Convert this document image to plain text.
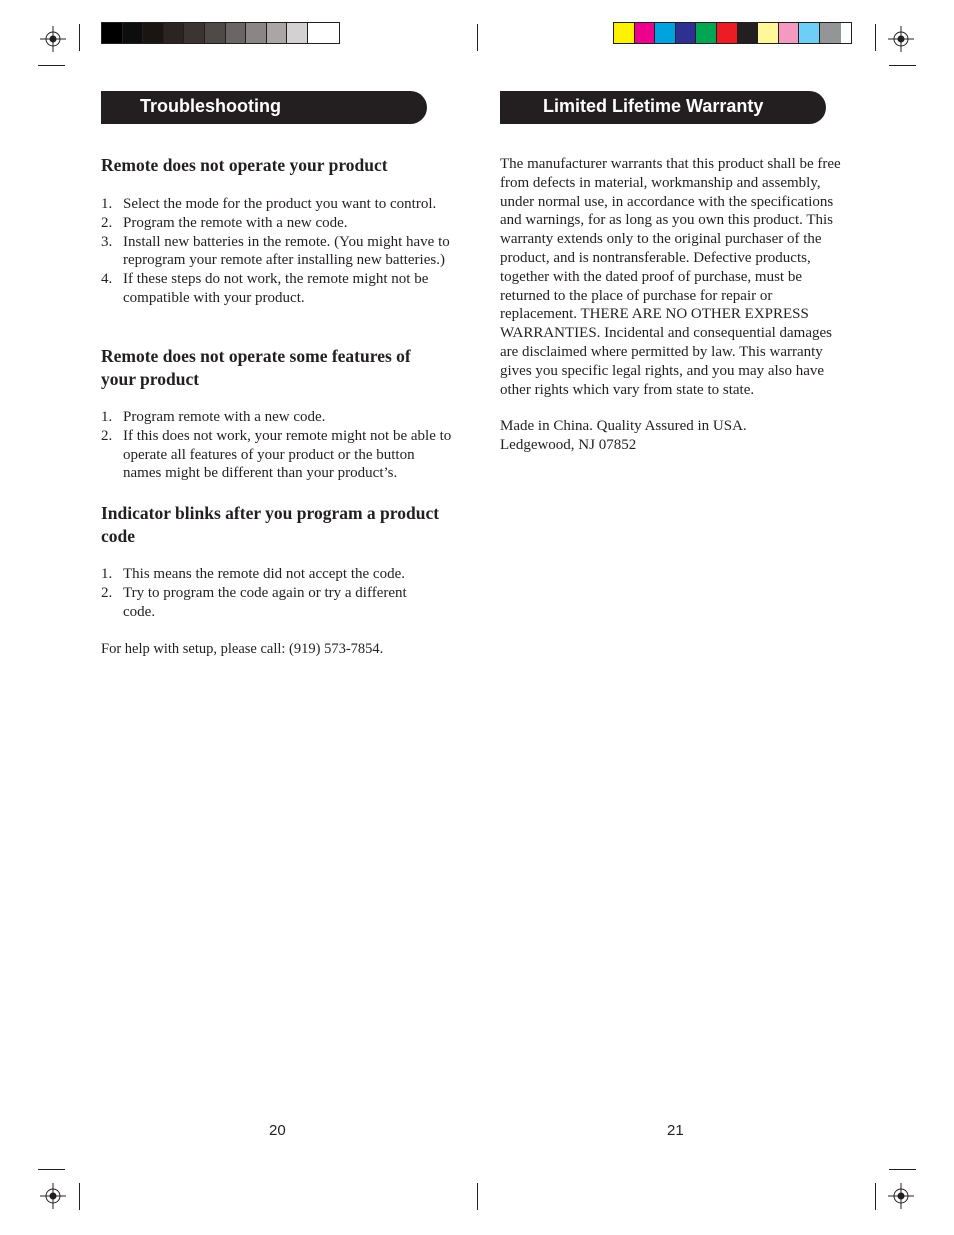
Troubleshooting
Remote does not operate your product
1. Select the mode for the product you want to control.
2. Program the remote with a new code.
3. Install new batteries in the remote. (You might have to reprogram your remote after installing new batteries.)
4. If these steps do not work, the remote might not be compatible with your product.
Remote does not operate some features of your product
1. Program remote with a new code.
2. If this does not work, your remote might not be able to operate all features of your product or the button names might be different than your product’s.
Indicator blinks after you program a product code
1. This means the remote did not accept the code.
2. Try to program the code again or try a different code.
For help with setup, please call: (919) 573-7854.
20
Limited Lifetime Warranty
The manufacturer warrants that this product shall be free from defects in material, workmanship and assembly, under normal use, in accordance with the specifications and warnings, for as long as you own this product. This warranty extends only to the original purchaser of the product, and is nontransferable. Defective products, together with the dated proof of purchase, must be returned to the place of purchase for repair or replacement. THERE ARE NO OTHER EXPRESS WARRANTIES. Incidental and consequential damages are disclaimed where permitted by law. This warranty gives you specific legal rights, and you may also have other rights which vary from state to state.
Made in China. Quality Assured in USA.
Ledgewood, NJ 07852
21
